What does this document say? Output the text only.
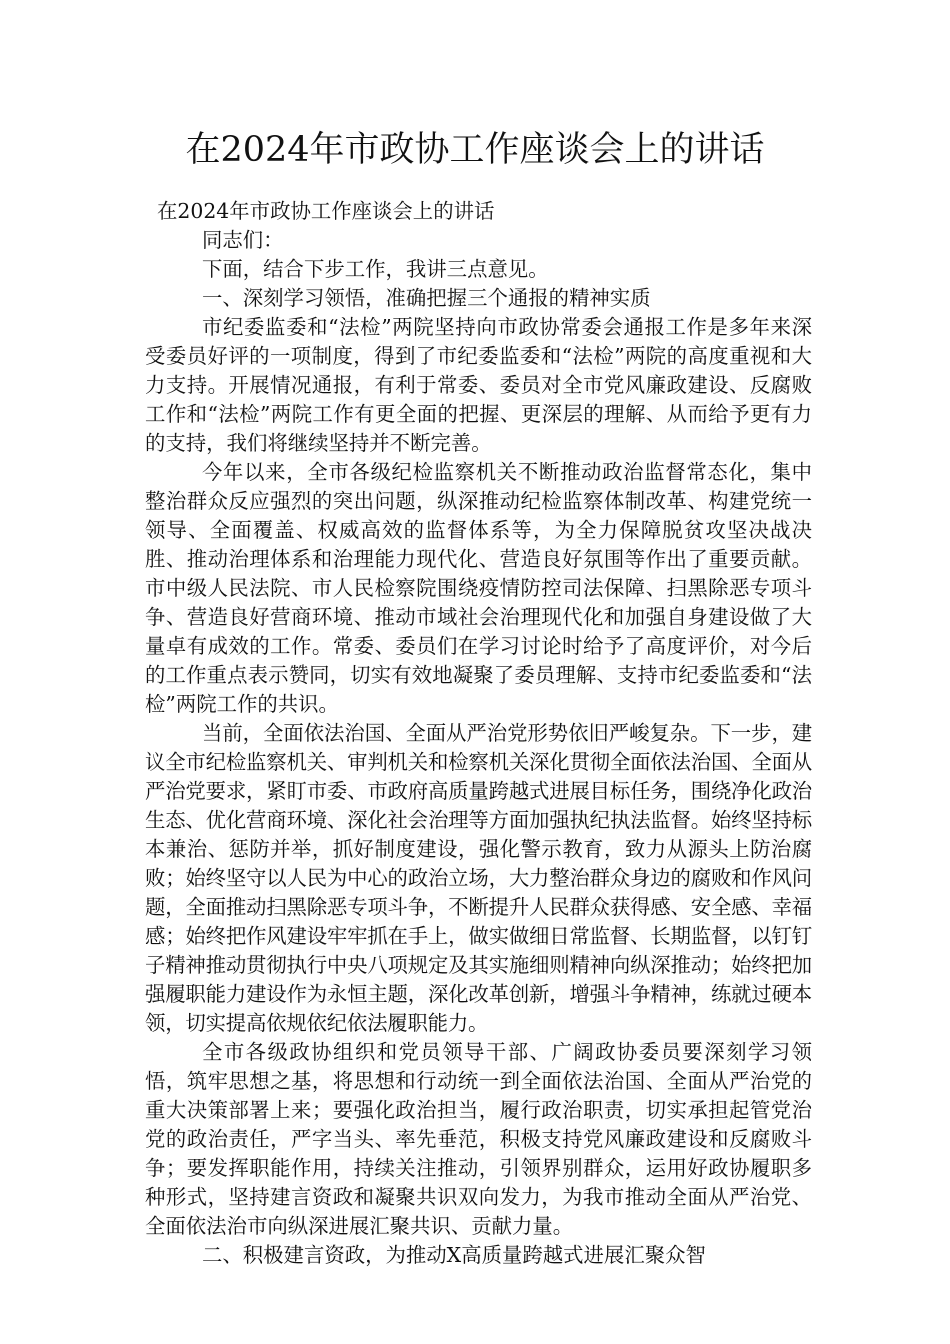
在2024年市政协工作座谈会上的讲话

在2024年市政协工作座谈会上的讲话

同志们：

下面，结合下步工作，我讲三点意见。

一、深刻学习领悟，准确把握三个通报的精神实质

市纪委监委和“法检”两院坚持向市政协常委会通报工作是多年来深受委员好评的一项制度，得到了市纪委监委和“法检”两院的高度重视和大力支持。开展情况通报，有利于常委、委员对全市党风廉政建设、反腐败工作和“法检”两院工作有更全面的把握、更深层的理解、从而给予更有力的支持，我们将继续坚持并不断完善。

今年以来，全市各级纪检监察机关不断推动政治监督常态化，集中整治群众反应强烈的突出问题，纵深推动纪检监察体制改革、构建党统一领导、全面覆盖、权威高效的监督体系等，为全力保障脱贫攻坚决战决胜、推动治理体系和治理能力现代化、营造良好氛围等作出了重要贡献。市中级人民法院、市人民检察院围绕疫情防控司法保障、扫黑除恶专项斗争、营造良好营商环境、推动市域社会治理现代化和加强自身建设做了大量卓有成效的工作。常委、委员们在学习讨论时给予了高度评价，对今后的工作重点表示赞同，切实有效地凝聚了委员理解、支持市纪委监委和“法检”两院工作的共识。

当前，全面依法治国、全面从严治党形势依旧严峻复杂。下一步，建议全市纪检监察机关、审判机关和检察机关深化贯彻全面依法治国、全面从严治党要求，紧盯市委、市政府高质量跨越式进展目标任务，围绕净化政治生态、优化营商环境、深化社会治理等方面加强执纪执法监督。始终坚持标本兼治、惩防并举，抓好制度建设，强化警示教育，致力从源头上防治腐败；始终坚守以人民为中心的政治立场，大力整治群众身边的腐败和作风问题，全面推动扫黑除恶专项斗争，不断提升人民群众获得感、安全感、幸福感；始终把作风建设牢牢抓在手上，做实做细日常监督、长期监督，以钉钉子精神推动贯彻执行中央八项规定及其实施细则精神向纵深推动；始终把加强履职能力建设作为永恒主题，深化改革创新，增强斗争精神，练就过硬本领，切实提高依规依纪依法履职能力。

全市各级政协组织和党员领导干部、广阔政协委员要深刻学习领悟，筑牢思想之基，将思想和行动统一到全面依法治国、全面从严治党的重大决策部署上来；要强化政治担当，履行政治职责，切实承担起管党治党的政治责任，严字当头、率先垂范，积极支持党风廉政建设和反腐败斗争；要发挥职能作用，持续关注推动，引领界别群众，运用好政协履职多种形式，坚持建言资政和凝聚共识双向发力，为我市推动全面从严治党、全面依法治市向纵深进展汇聚共识、贡献力量。

二、积极建言资政，为推动X高质量跨越式进展汇聚众智
